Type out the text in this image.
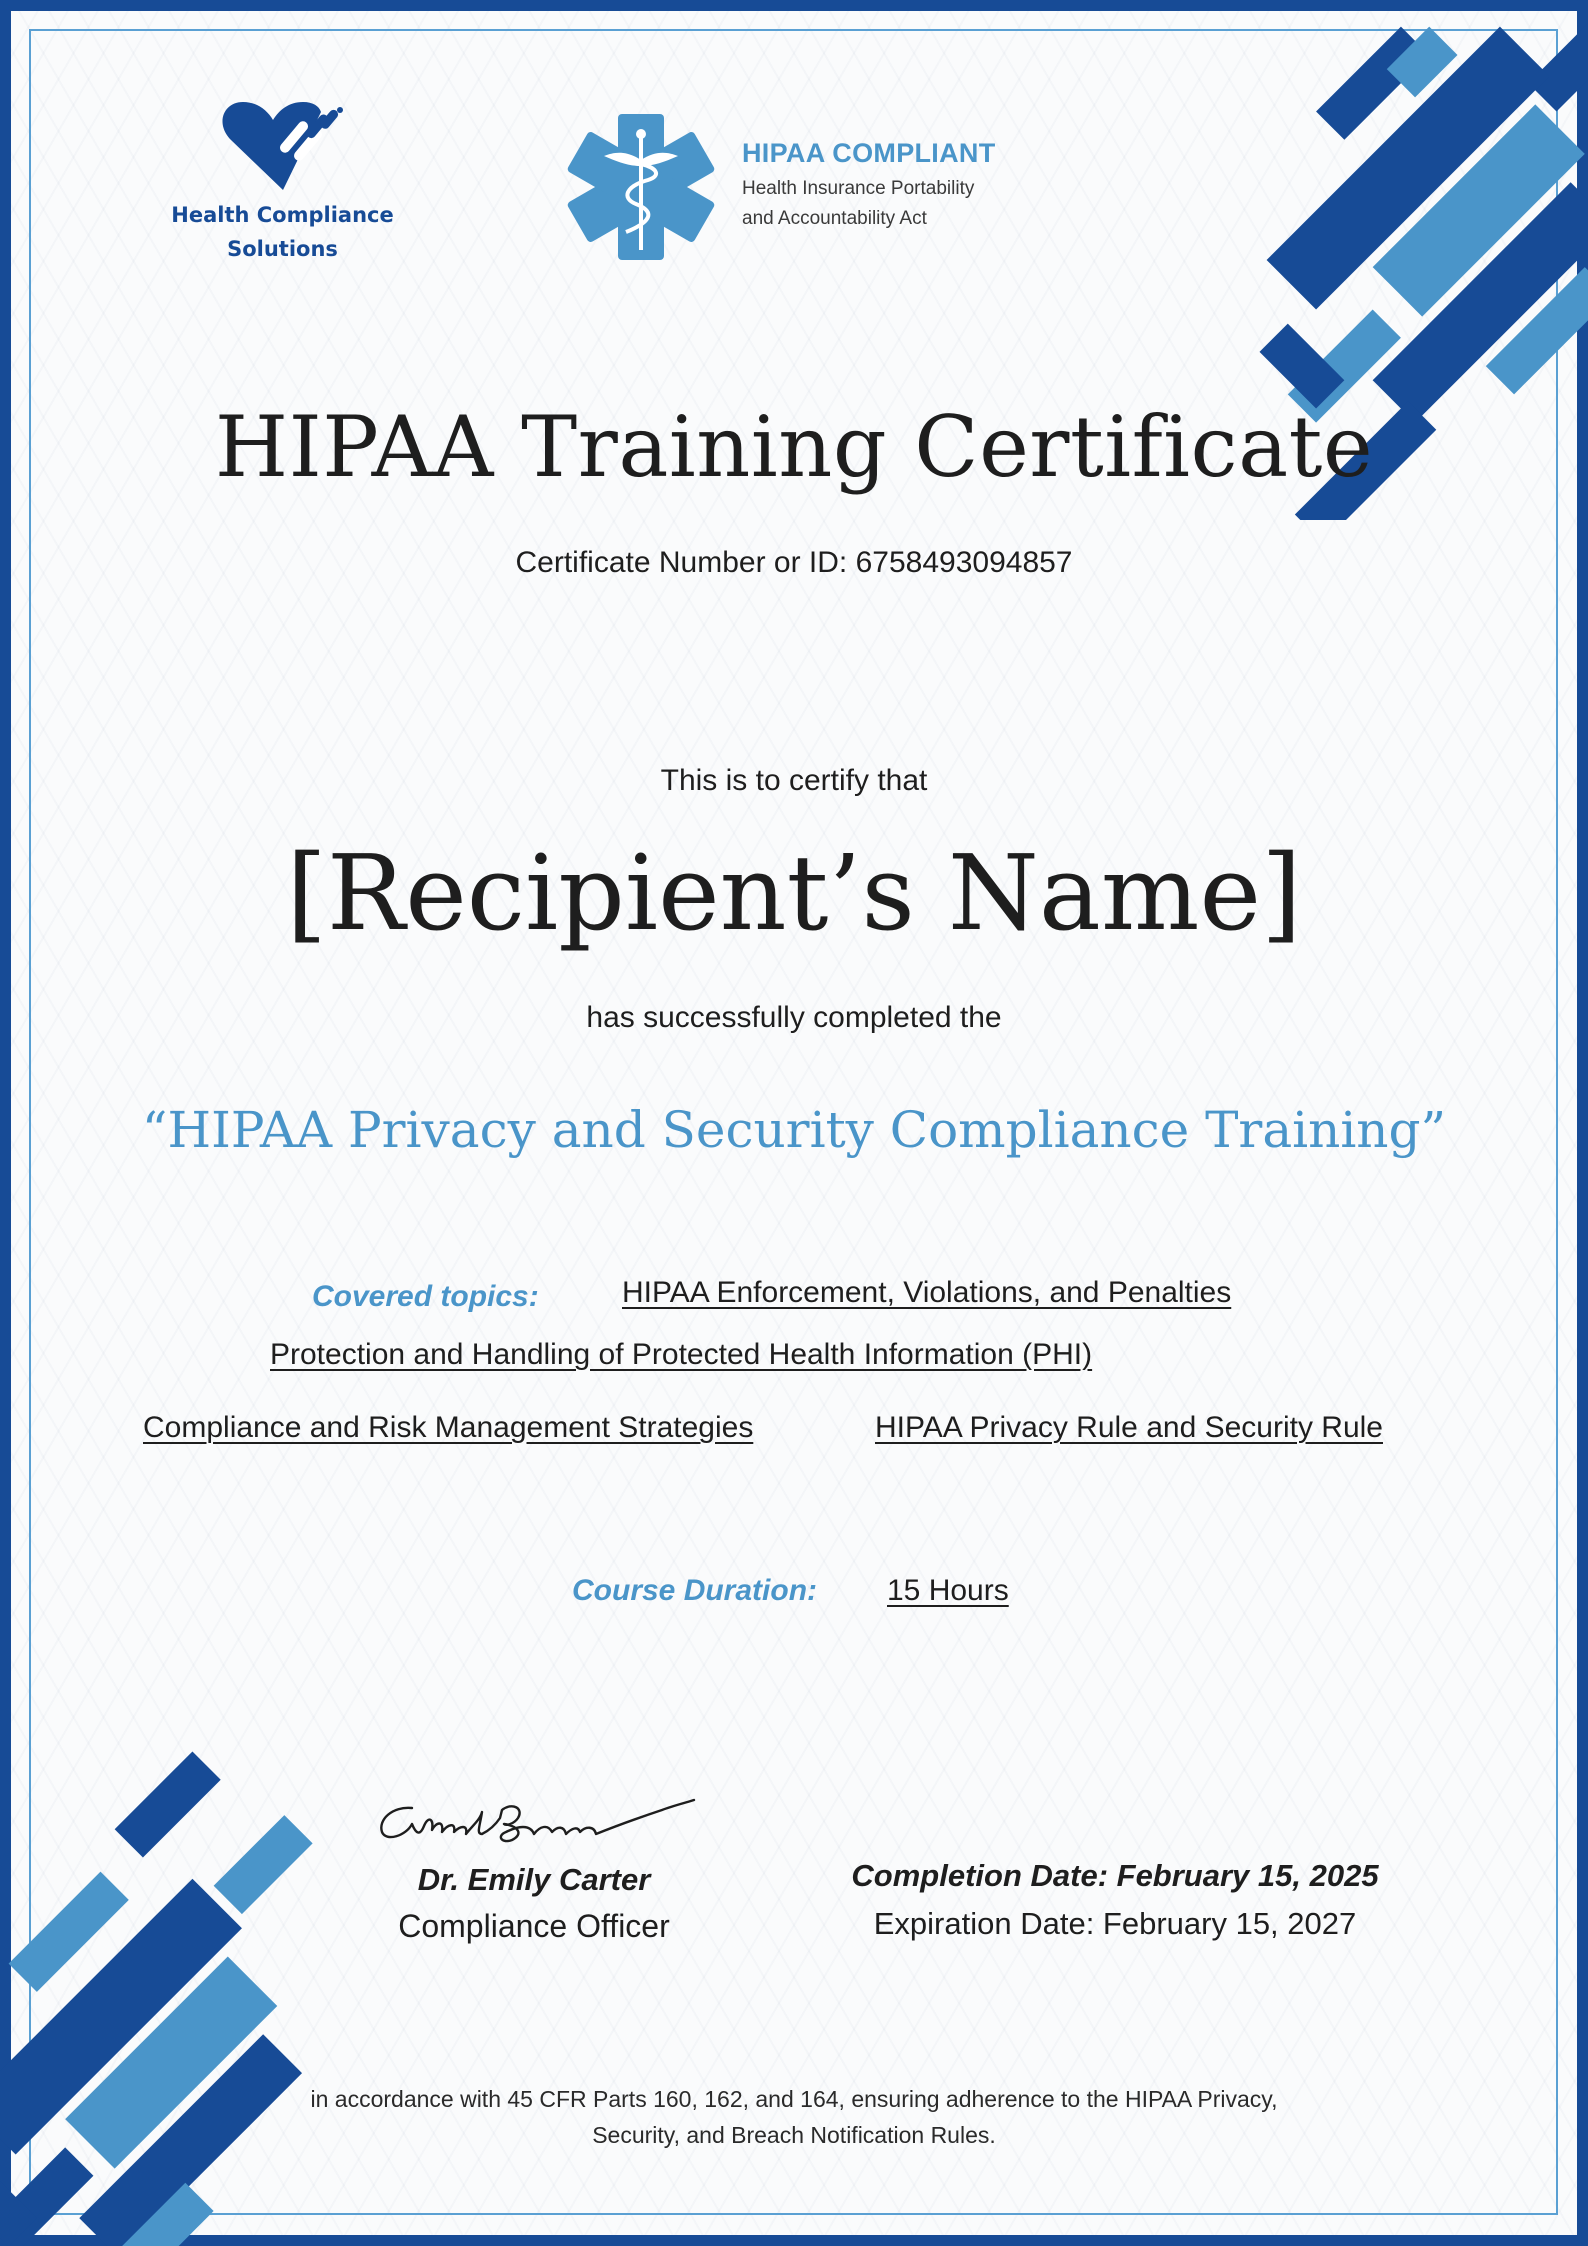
Health Compliance
Solutions
HIPAA COMPLIANT
Health Insurance Portability
and Accountability Act
HIPAA Training Certificate
Certificate Number or ID: 6758493094857
This is to certify that
[Recipient’s Name]
has successfully completed the
“HIPAA Privacy and Security Compliance Training”
Covered topics:	HIPAA Enforcement, Violations, and Penalties
Protection and Handling of Protected Health Information (PHI)
Compliance and Risk Management Strategies	HIPAA Privacy Rule and Security Rule
Course Duration: 15 Hours
Dr. Emily Carter
Compliance Officer
Completion Date: February 15, 2025
Expiration Date: February 15, 2027
in accordance with 45 CFR Parts 160, 162, and 164, ensuring adherence to the HIPAA Privacy,
Security, and Breach Notification Rules.
